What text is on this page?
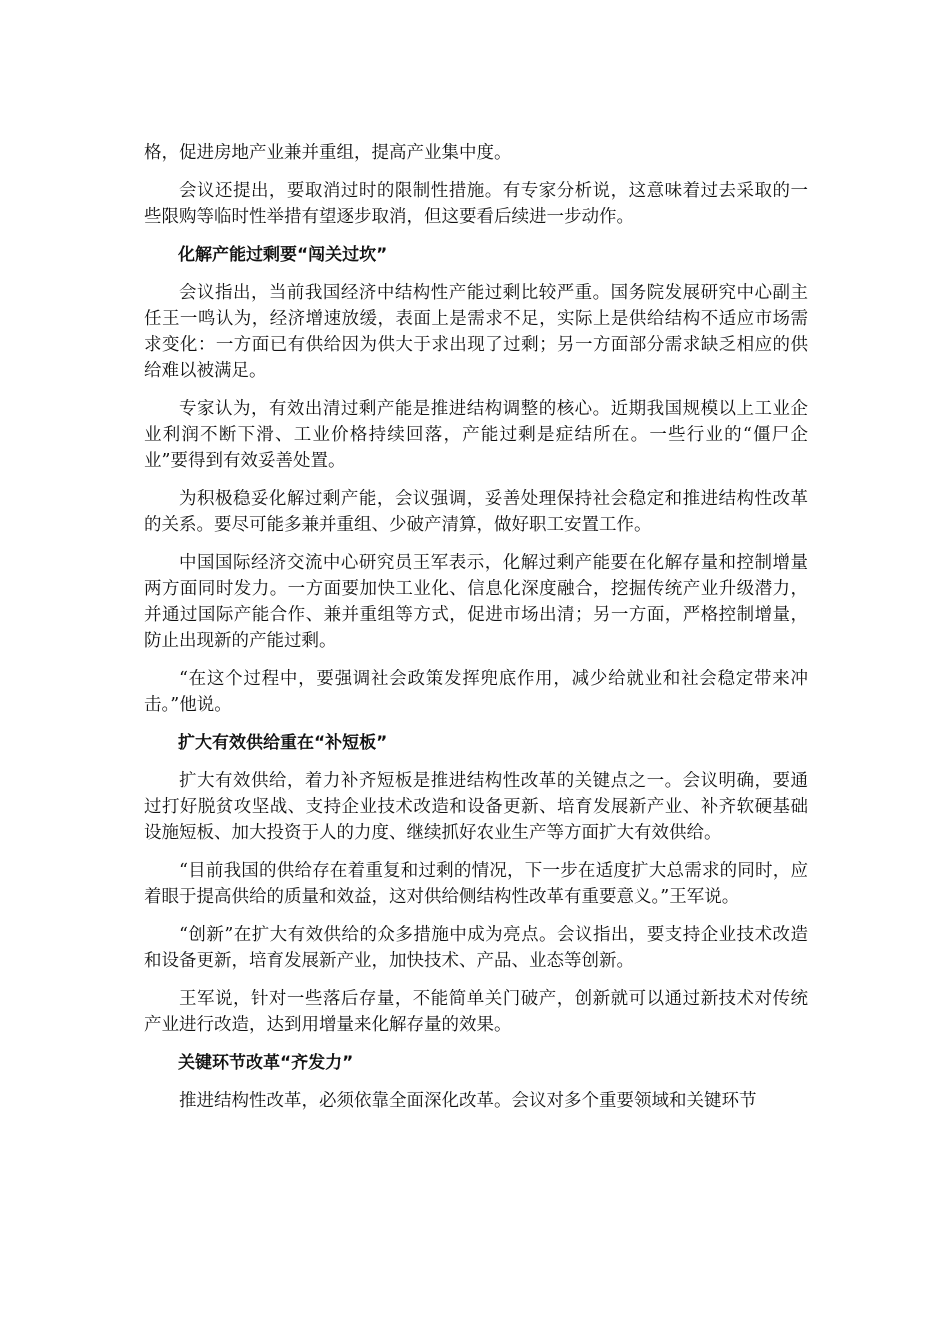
格，促进房地产业兼并重组，提高产业集中度。

会议还提出，要取消过时的限制性措施。有专家分析说，这意味着过去采取的一些限购等临时性举措有望逐步取消，但这要看后续进一步动作。

化解产能过剩要“闯关过坎”

会议指出，当前我国经济中结构性产能过剩比较严重。国务院发展研究中心副主任王一鸣认为，经济增速放缓，表面上是需求不足，实际上是供给结构不适应市场需求变化：一方面已有供给因为供大于求出现了过剩；另一方面部分需求缺乏相应的供给难以被满足。

专家认为，有效出清过剩产能是推进结构调整的核心。近期我国规模以上工业企业利润不断下滑、工业价格持续回落，产能过剩是症结所在。一些行业的“僵尸企业”要得到有效妥善处置。

为积极稳妥化解过剩产能，会议强调，妥善处理保持社会稳定和推进结构性改革的关系。要尽可能多兼并重组、少破产清算，做好职工安置工作。

中国国际经济交流中心研究员王军表示，化解过剩产能要在化解存量和控制增量两方面同时发力。一方面要加快工业化、信息化深度融合，挖掘传统产业升级潜力，并通过国际产能合作、兼并重组等方式，促进市场出清；另一方面，严格控制增量，防止出现新的产能过剩。

“在这个过程中，要强调社会政策发挥兜底作用，减少给就业和社会稳定带来冲击。”他说。

扩大有效供给重在“补短板”

扩大有效供给，着力补齐短板是推进结构性改革的关键点之一。会议明确，要通过打好脱贫攻坚战、支持企业技术改造和设备更新、培育发展新产业、补齐软硬基础设施短板、加大投资于人的力度、继续抓好农业生产等方面扩大有效供给。

“目前我国的供给存在着重复和过剩的情况，下一步在适度扩大总需求的同时，应着眼于提高供给的质量和效益，这对供给侧结构性改革有重要意义。”王军说。

“创新”在扩大有效供给的众多措施中成为亮点。会议指出，要支持企业技术改造和设备更新，培育发展新产业，加快技术、产品、业态等创新。

王军说，针对一些落后存量，不能简单关门破产，创新就可以通过新技术对传统产业进行改造，达到用增量来化解存量的效果。

关键环节改革“齐发力”

推进结构性改革，必须依靠全面深化改革。会议对多个重要领域和关键环节
